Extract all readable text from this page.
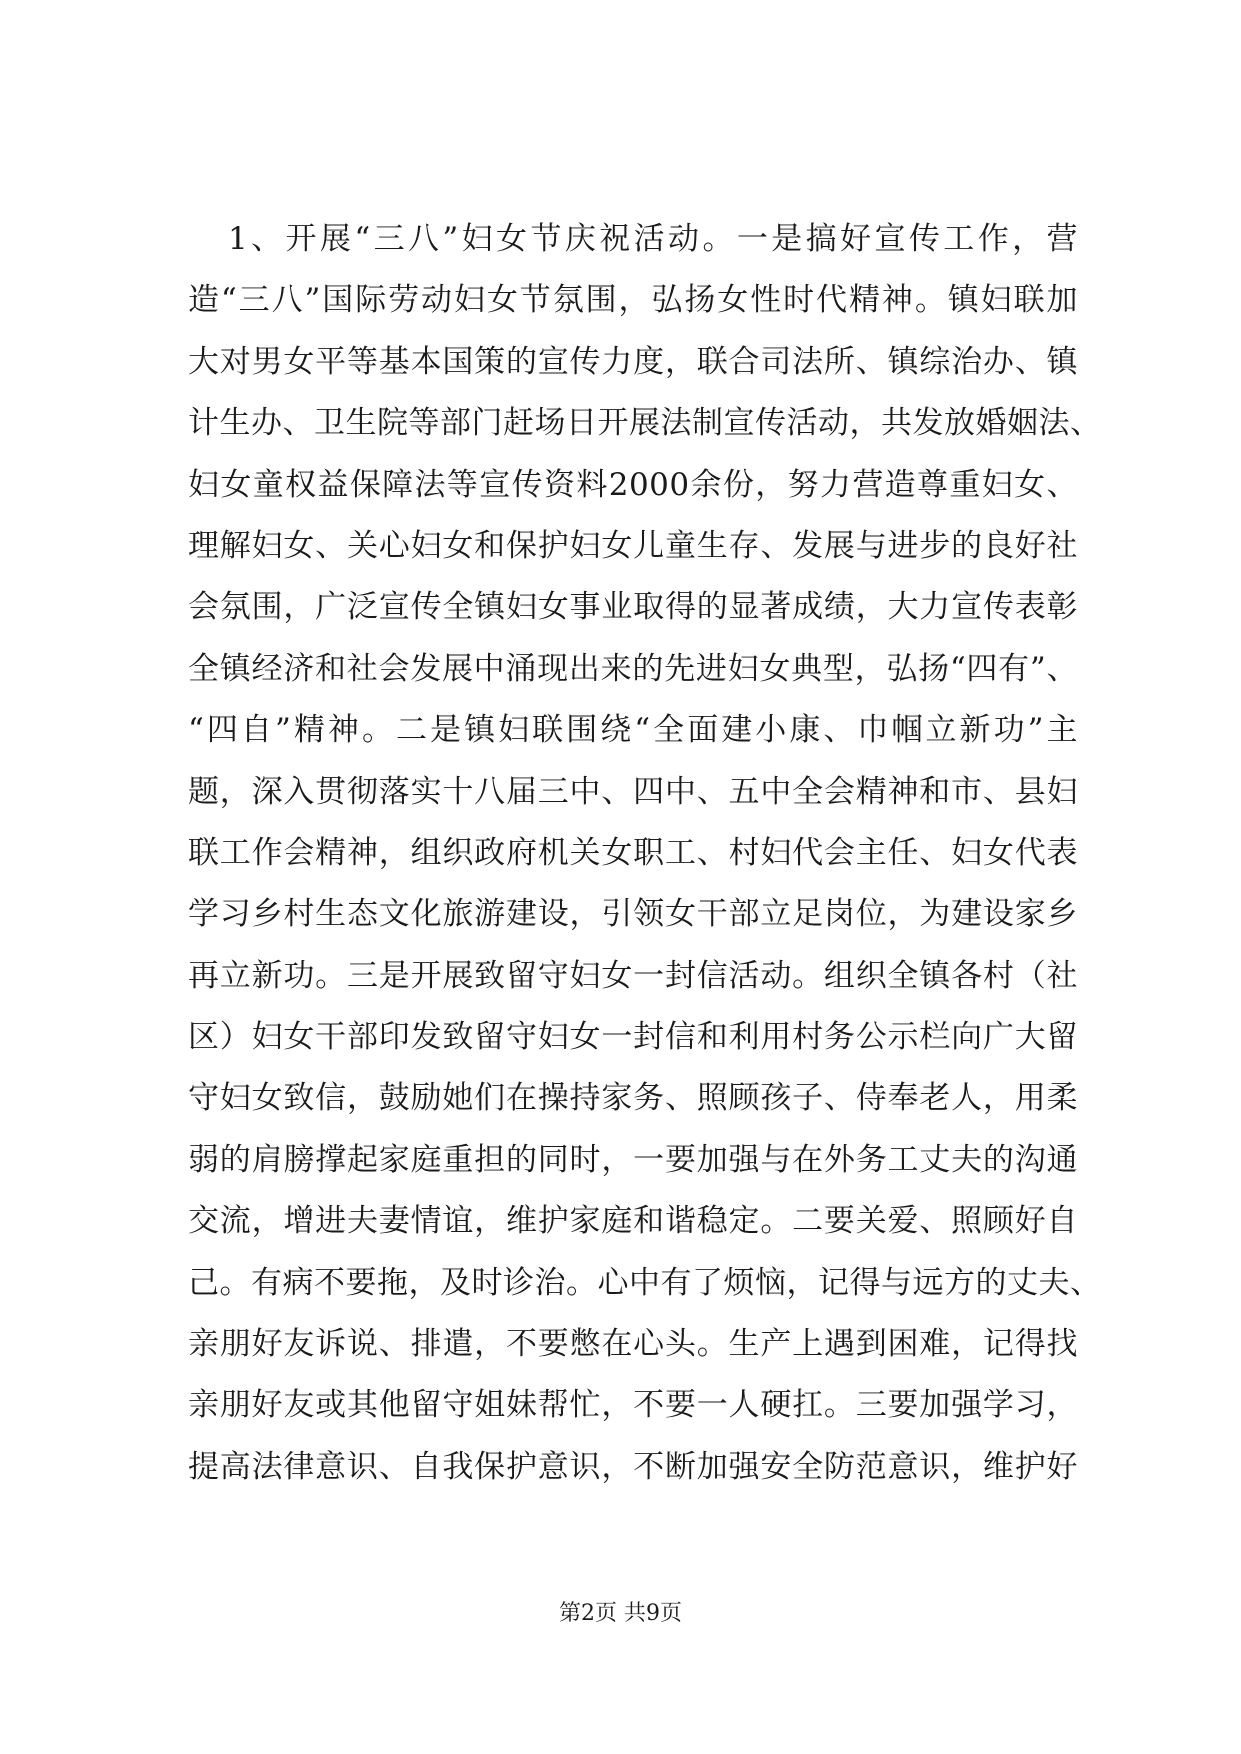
1、开展“三八”妇女节庆祝活动。一是搞好宣传工作，营
造“三八”国际劳动妇女节氛围，弘扬女性时代精神。镇妇联加
大对男女平等基本国策的宣传力度，联合司法所、镇综治办、镇
计生办、卫生院等部门赶场日开展法制宣传活动，共发放婚姻法、
妇女童权益保障法等宣传资料2000余份，努力营造尊重妇女、
理解妇女、关心妇女和保护妇女儿童生存、发展与进步的良好社
会氛围，广泛宣传全镇妇女事业取得的显著成绩，大力宣传表彰
全镇经济和社会发展中涌现出来的先进妇女典型，弘扬“四有”、
“四自”精神。二是镇妇联围绕“全面建小康、巾帼立新功”主
题，深入贯彻落实十八届三中、四中、五中全会精神和市、县妇
联工作会精神，组织政府机关女职工、村妇代会主任、妇女代表
学习乡村生态文化旅游建设，引领女干部立足岗位，为建设家乡
再立新功。三是开展致留守妇女一封信活动。组织全镇各村（社
区）妇女干部印发致留守妇女一封信和利用村务公示栏向广大留
守妇女致信，鼓励她们在操持家务、照顾孩子、侍奉老人，用柔
弱的肩膀撑起家庭重担的同时，一要加强与在外务工丈夫的沟通
交流，增进夫妻情谊，维护家庭和谐稳定。二要关爱、照顾好自
己。有病不要拖，及时诊治。心中有了烦恼，记得与远方的丈夫、
亲朋好友诉说、排遣，不要憋在心头。生产上遇到困难，记得找
亲朋好友或其他留守姐妹帮忙，不要一人硬扛。三要加强学习，
提高法律意识、自我保护意识，不断加强安全防范意识，维护好
第2页 共9页
